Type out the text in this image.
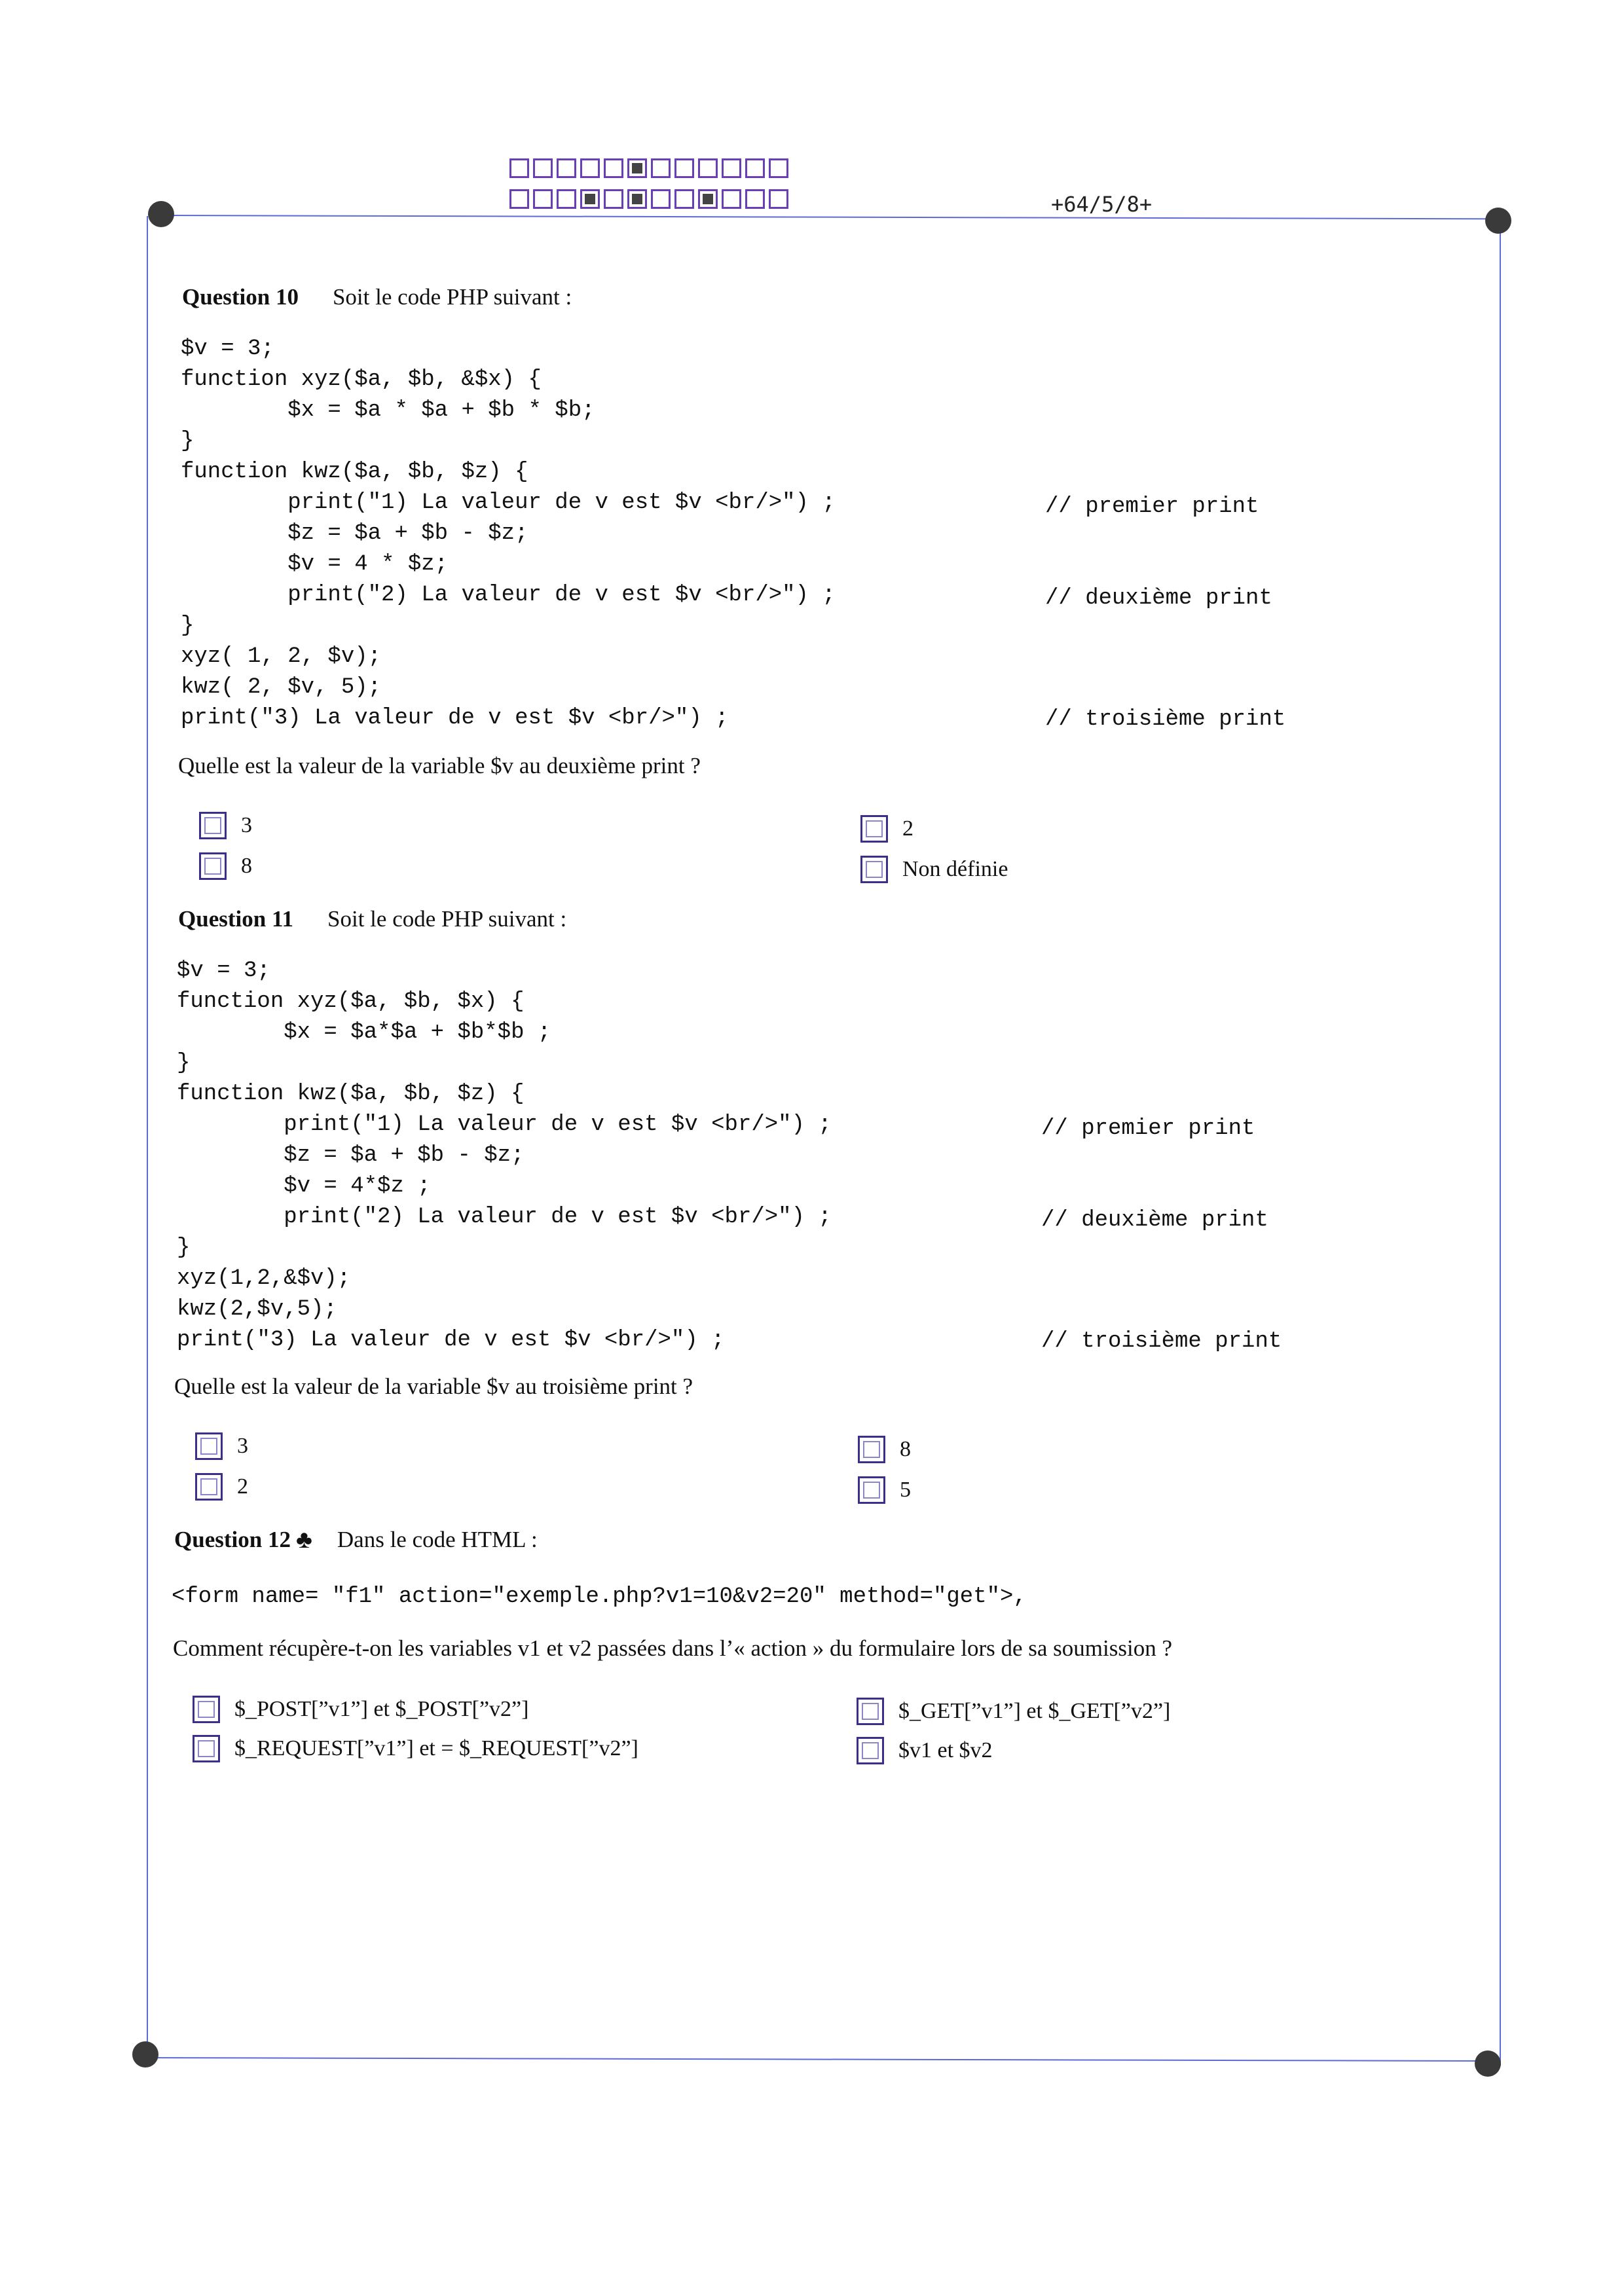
+64/5/8+
Question 10 Soit le code PHP suivant :
$v = 3;
function xyz($a, $b, &$x) {
$x = $a * $a + $b * $b;
}
function kwz($a, $b, $z) {
print("1) La valeur de v est $v <br/>") ;
$z = $a + $b - $z;
$v = 4 * $z;
print("2) La valeur de v est $v <br/>") ;
}
xyz( 1, 2, $v);
kwz( 2, $v, 5);
print("3) La valeur de v est $v <br/>") ;
// premier print
// deuxième print
// troisième print
Quelle est la valeur de la variable $v au deuxième print ?
3
8
2
Non définie
Question 11 Soit le code PHP suivant :
$v = 3;
function xyz($a, $b, $x) {
$x = $a*$a + $b*$b ;
}
function kwz($a, $b, $z) {
print("1) La valeur de v est $v <br/>") ;
$z = $a + $b - $z;
$v = 4*$z ;
print("2) La valeur de v est $v <br/>") ;
}
xyz(1,2,&$v);
kwz(2,$v,5);
print("3) La valeur de v est $v <br/>") ;
// premier print
// deuxième print
// troisième print
Quelle est la valeur de la variable $v au troisième print ?
3
2
8
5
Question 12 ♣ Dans le code HTML :
<form name= "f1" action="exemple.php?v1=10&v2=20" method="get">,
Comment récupère-t-on les variables v1 et v2 passées dans l’« action » du formulaire lors de sa soumission ?
$_POST[”v1”] et $_POST[”v2”]
$_REQUEST[”v1”] et = $_REQUEST[”v2”]
$_GET[”v1”] et $_GET[”v2”]
$v1 et $v2
